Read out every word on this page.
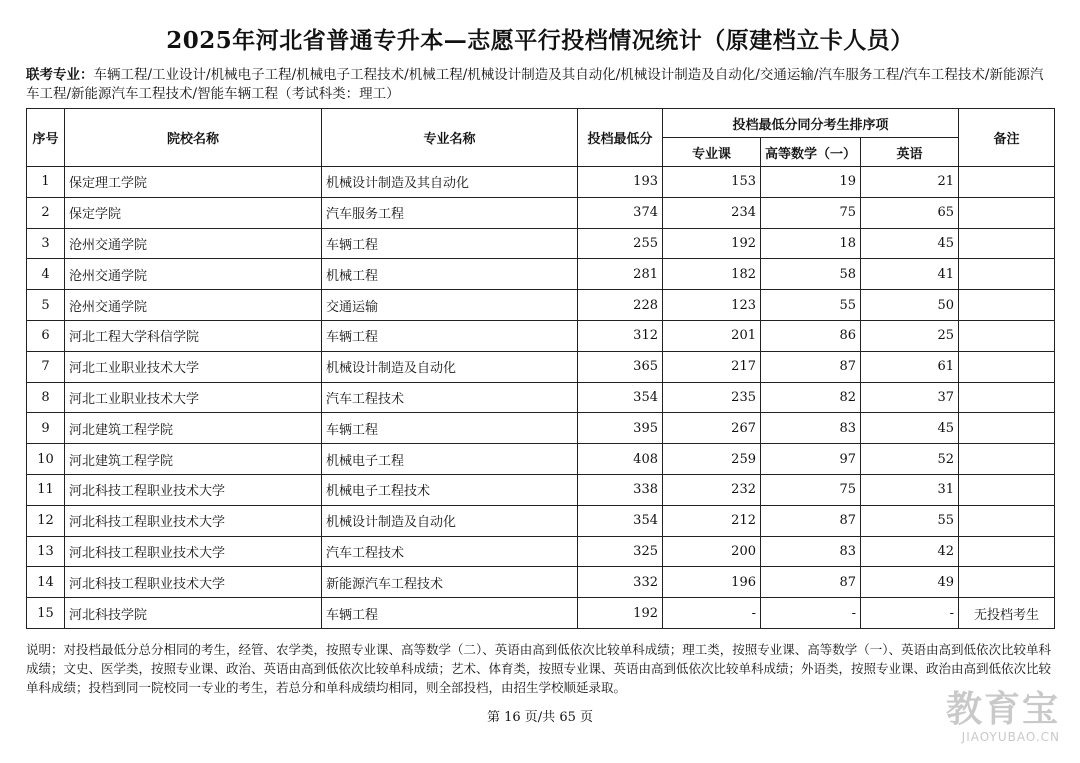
2025年河北省普通专升本—志愿平行投档情况统计（原建档立卡人员）
联考专业：车辆工程/工业设计/机械电子工程/机械电子工程技术/机械工程/机械设计制造及其自动化/机械设计制造及自动化/交通运输/汽车服务工程/汽车工程技术/新能源汽车工程/新能源汽车工程技术/智能车辆工程（考试科类：理工）
序号	院校名称	专业名称	投档最低分	投档最低分同分考生排序项			备注
				专业课	高等数学（一）	英语	
1	保定理工学院	机械设计制造及其自动化	193	153	19	21	
2	保定学院	汽车服务工程	374	234	75	65	
3	沧州交通学院	车辆工程	255	192	18	45	
4	沧州交通学院	机械工程	281	182	58	41	
5	沧州交通学院	交通运输	228	123	55	50	
6	河北工程大学科信学院	车辆工程	312	201	86	25	
7	河北工业职业技术大学	机械设计制造及自动化	365	217	87	61	
8	河北工业职业技术大学	汽车工程技术	354	235	82	37	
9	河北建筑工程学院	车辆工程	395	267	83	45	
10	河北建筑工程学院	机械电子工程	408	259	97	52	
11	河北科技工程职业技术大学	机械电子工程技术	338	232	75	31	
12	河北科技工程职业技术大学	机械设计制造及自动化	354	212	87	55	
13	河北科技工程职业技术大学	汽车工程技术	325	200	83	42	
14	河北科技工程职业技术大学	新能源汽车工程技术	332	196	87	49	
15	河北科技学院	车辆工程	192	-	-	-	无投档考生
说明：对投档最低分总分相同的考生，经管、农学类，按照专业课、高等数学（二）、英语由高到低依次比较单科成绩；理工类，按照专业课、高等数学（一）、英语由高到低依次比较单科成绩；文史、医学类，按照专业课、政治、英语由高到低依次比较单科成绩；艺术、体育类，按照专业课、英语由高到低依次比较单科成绩；外语类，按照专业课、政治由高到低依次比较单科成绩；投档到同一院校同一专业的考生，若总分和单科成绩均相同，则全部投档，由招生学校顺延录取。
第 16 页/共 65 页	教育宝
JIAOYUBAO.CN
